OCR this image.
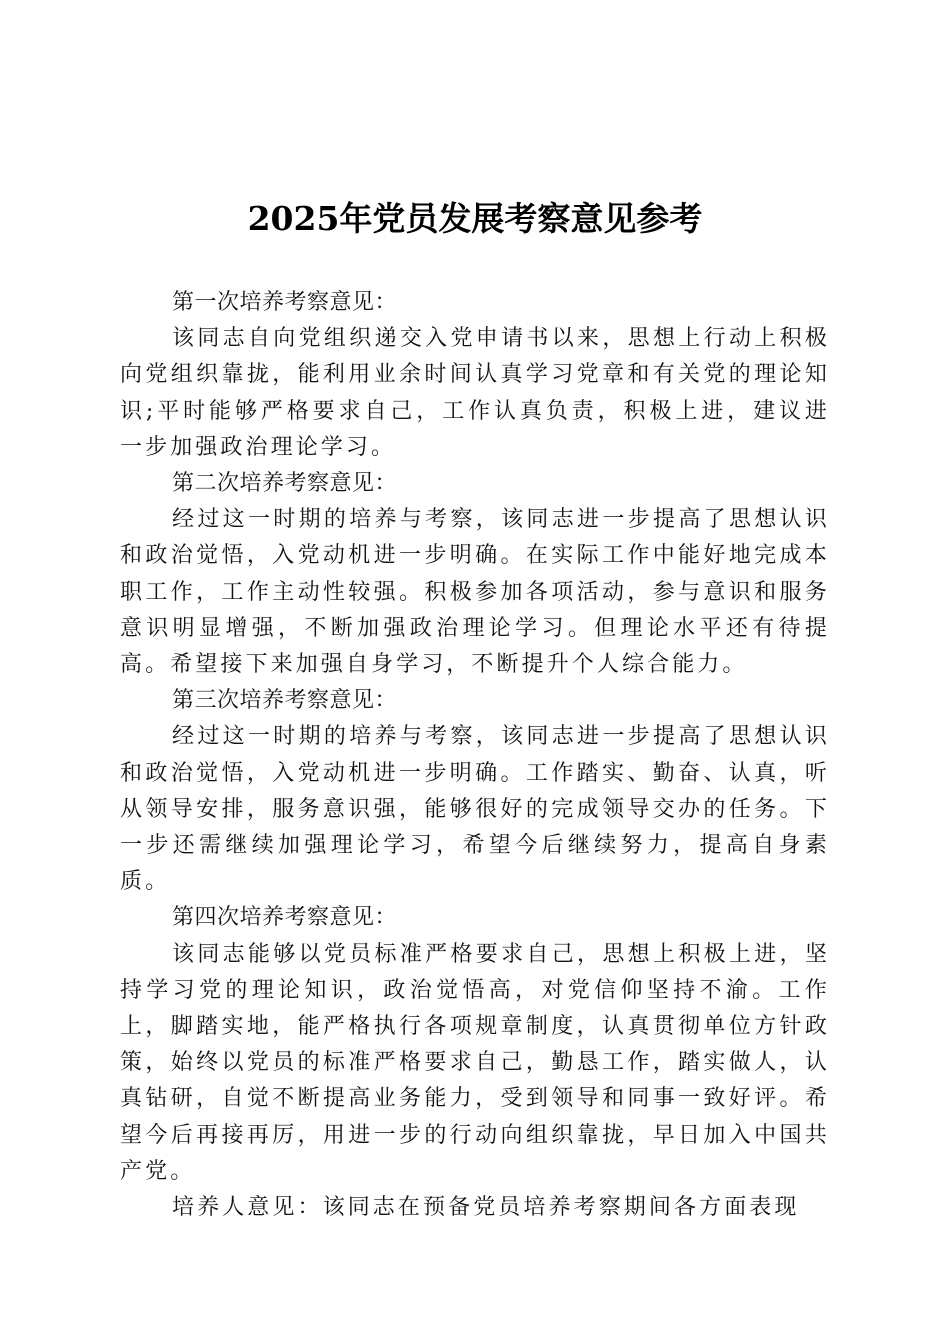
2025年党员发展考察意见参考

第一次培养考察意见：

该同志自向党组织递交入党申请书以来，思想上行动上积极向党组织靠拢，能利用业余时间认真学习党章和有关党的理论知识;平时能够严格要求自己，工作认真负责，积极上进，建议进一步加强政治理论学习。

第二次培养考察意见：

经过这一时期的培养与考察，该同志进一步提高了思想认识和政治觉悟，入党动机进一步明确。在实际工作中能好地完成本职工作，工作主动性较强。积极参加各项活动，参与意识和服务意识明显增强，不断加强政治理论学习。但理论水平还有待提高。希望接下来加强自身学习，不断提升个人综合能力。

第三次培养考察意见：

经过这一时期的培养与考察，该同志进一步提高了思想认识和政治觉悟，入党动机进一步明确。工作踏实、勤奋、认真，听从领导安排，服务意识强，能够很好的完成领导交办的任务。下一步还需继续加强理论学习，希望今后继续努力，提高自身素质。

第四次培养考察意见：

该同志能够以党员标准严格要求自己，思想上积极上进，坚持学习党的理论知识，政治觉悟高，对党信仰坚持不渝。工作上，脚踏实地，能严格执行各项规章制度，认真贯彻单位方针政策，始终以党员的标准严格要求自己，勤恳工作，踏实做人，认真钻研，自觉不断提高业务能力，受到领导和同事一致好评。希望今后再接再厉，用进一步的行动向组织靠拢，早日加入中国共产党。

培养人意见：该同志在预备党员培养考察期间各方面表现
